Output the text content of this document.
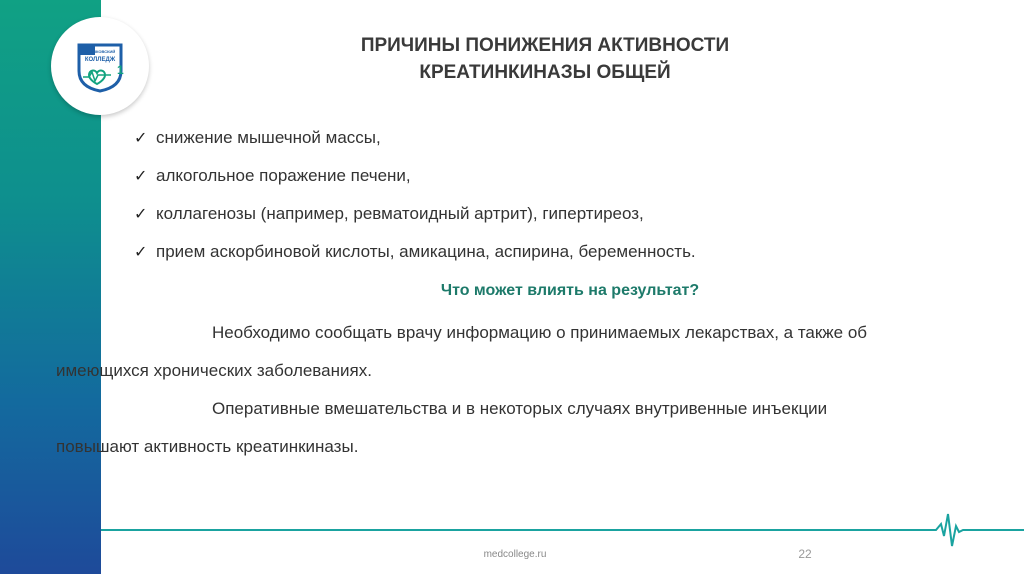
1
МЫШКОВСКИЙ
КОЛЛЕДЖ
ПРИЧИНЫ ПОНИЖЕНИЯ АКТИВНОСТИ
КРЕАТИНКИНАЗЫ ОБЩЕЙ
✓ снижение мышечной массы,
✓ алкогольное поражение печени,
✓ коллагенозы (например, ревматоидный артрит), гипертиреоз,
✓ прием аскорбиновой кислоты, амикацина, аспирина, беременность.
Что может влиять на результат?

Необходимо сообщать врачу информацию о принимаемых лекарствах, а также об
имеющихся хронических заболеваниях.

Оперативные вмешательства и в некоторых случаях внутривенные инъекции
повышают активность креатинкиназы.

medcollege.ru	22
